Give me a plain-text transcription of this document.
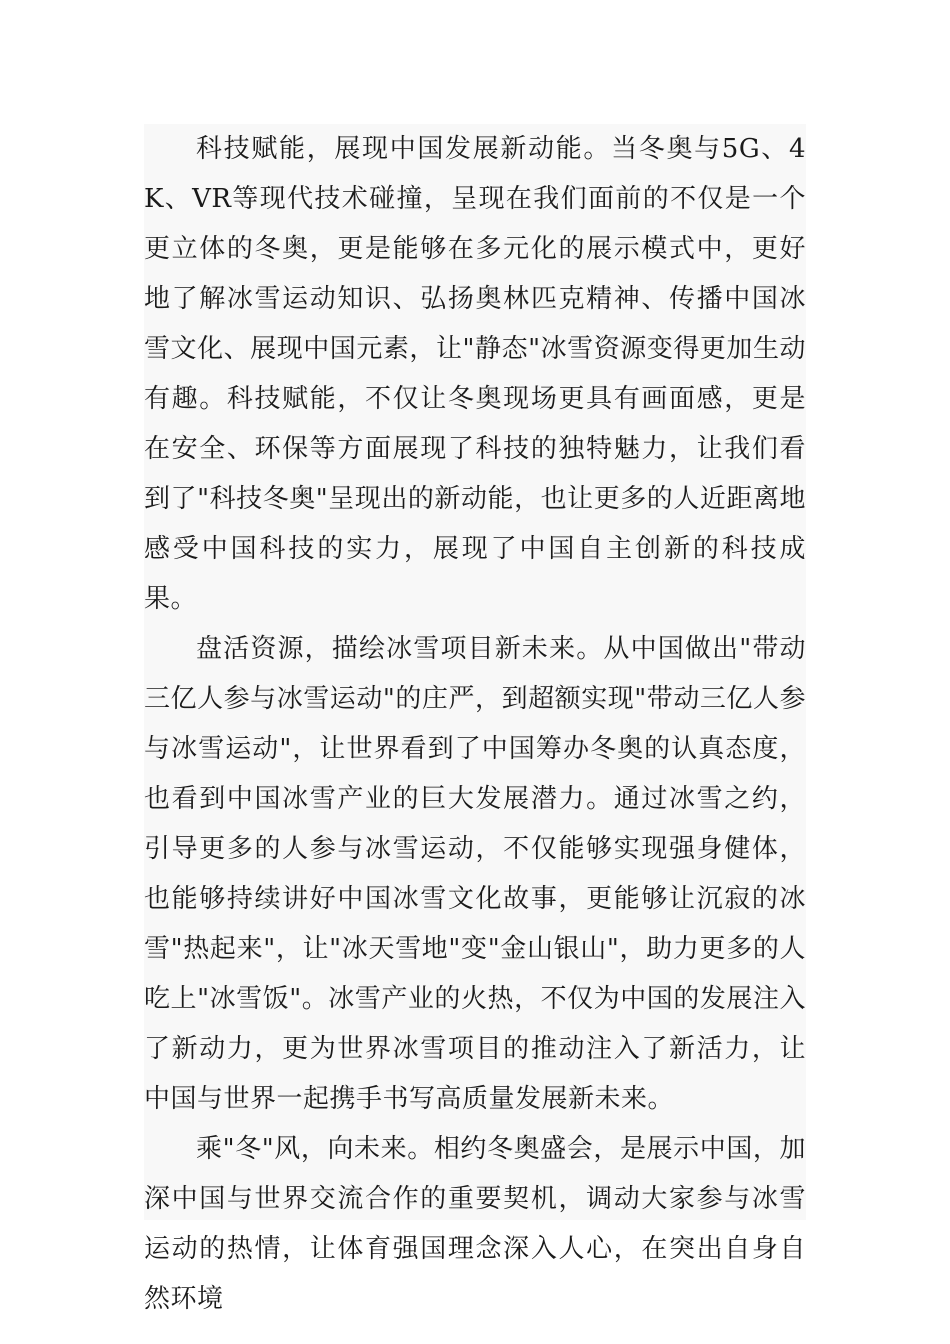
科技赋能，展现中国发展新动能。当冬奥与5G、4K、VR等现代技术碰撞，呈现在我们面前的不仅是一个更立体的冬奥，更是能够在多元化的展示模式中，更好地了解冰雪运动知识、弘扬奥林匹克精神、传播中国冰雪文化、展现中国元素，让"静态"冰雪资源变得更加生动有趣。科技赋能，不仅让冬奥现场更具有画面感，更是在安全、环保等方面展现了科技的独特魅力，让我们看到了"科技冬奥"呈现出的新动能，也让更多的人近距离地感受中国科技的实力，展现了中国自主创新的科技成果。

盘活资源，描绘冰雪项目新未来。从中国做出"带动三亿人参与冰雪运动"的庄严，到超额实现"带动三亿人参与冰雪运动"，让世界看到了中国筹办冬奥的认真态度，也看到中国冰雪产业的巨大发展潜力。通过冰雪之约，引导更多的人参与冰雪运动，不仅能够实现强身健体，也能够持续讲好中国冰雪文化故事，更能够让沉寂的冰雪"热起来"，让"冰天雪地"变"金山银山"，助力更多的人吃上"冰雪饭"。冰雪产业的火热，不仅为中国的发展注入了新动力，更为世界冰雪项目的推动注入了新活力，让中国与世界一起携手书写高质量发展新未来。

乘"冬"风，向未来。相约冬奥盛会，是展示中国，加深中国与世界交流合作的重要契机，调动大家参与冰雪运动的热情，让体育强国理念深入人心，在突出自身自然环境
